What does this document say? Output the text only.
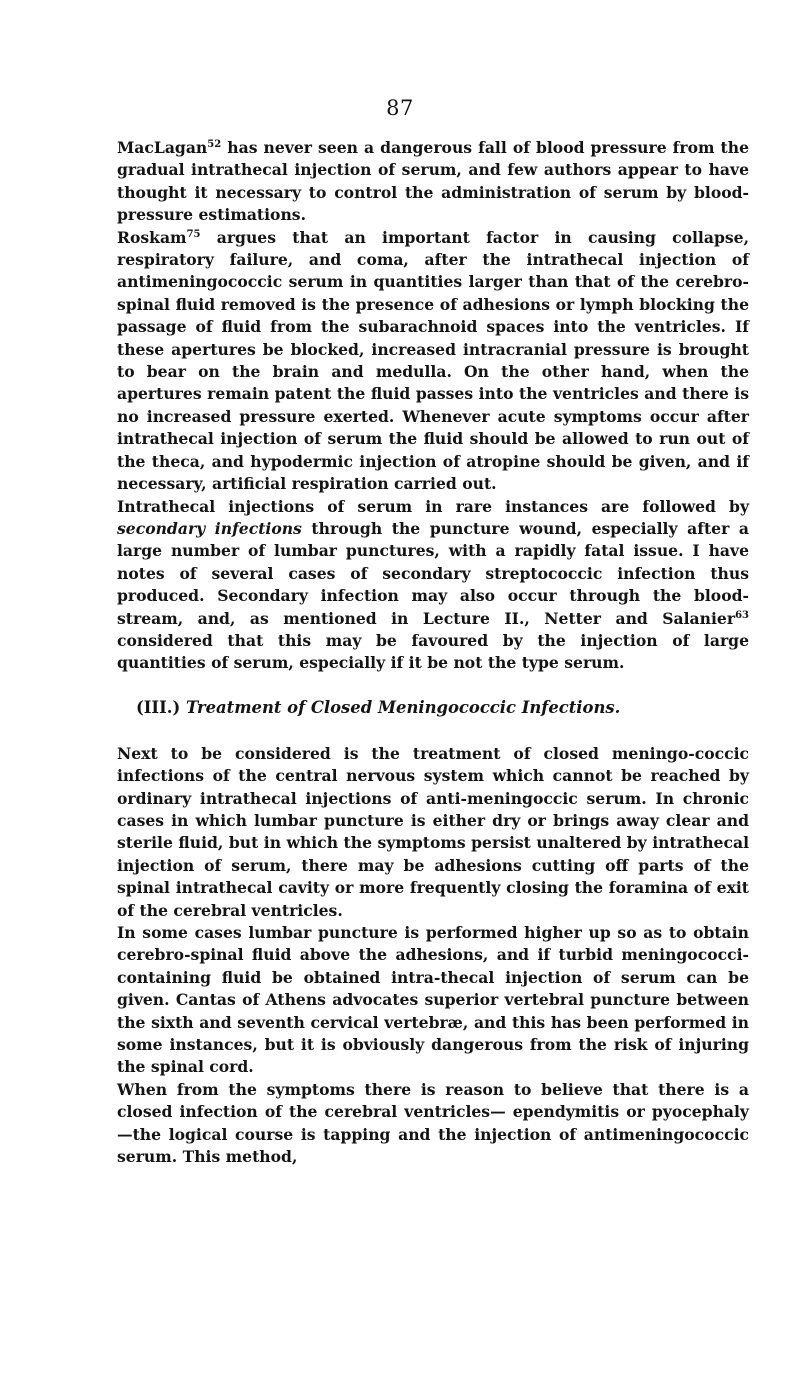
87

MacLagan$^{52}$ has never seen a dangerous fall of blood pressure from the gradual intrathecal injection of serum, and few authors appear to have thought it necessary to control the administration of serum by blood-pressure estimations.

Roskam$^{75}$ argues that an important factor in causing collapse, respiratory failure, and coma, after the intrathecal injection of antimeningococcic serum in quantities larger than that of the cerebro-spinal fluid removed is the presence of adhesions or lymph blocking the passage of fluid from the subarachnoid spaces into the ventricles. If these apertures be blocked, increased intracranial pressure is brought to bear on the brain and medulla. On the other hand, when the apertures remain patent the fluid passes into the ventricles and there is no increased pressure exerted. Whenever acute symptoms occur after intrathecal injection of serum the fluid should be allowed to run out of the theca, and hypodermic injection of atropine should be given, and if necessary, artificial respiration carried out.

Intrathecal injections of serum in rare instances are followed by secondary infections through the puncture wound, especially after a large number of lumbar punctures, with a rapidly fatal issue. I have notes of several cases of secondary streptococcic infection thus produced. Secondary infection may also occur through the blood-stream, and, as mentioned in Lecture II., Netter and Salanier$^{63}$ considered that this may be favoured by the injection of large quantities of serum, especially if it be not the type serum.

(III.) Treatment of Closed Meningococcic Infections.

Next to be considered is the treatment of closed meningo-coccic infections of the central nervous system which cannot be reached by ordinary intrathecal injections of anti-meningoccic serum. In chronic cases in which lumbar puncture is either dry or brings away clear and sterile fluid, but in which the symptoms persist unaltered by intrathecal injection of serum, there may be adhesions cutting off parts of the spinal intrathecal cavity or more frequently closing the foramina of exit of the cerebral ventricles.

In some cases lumbar puncture is performed higher up so as to obtain cerebro-spinal fluid above the adhesions, and if turbid meningococci-containing fluid be obtained intra-thecal injection of serum can be given. Cantas of Athens advocates superior vertebral puncture between the sixth and seventh cervical vertebræ, and this has been performed in some instances, but it is obviously dangerous from the risk of injuring the spinal cord.

When from the symptoms there is reason to believe that there is a closed infection of the cerebral ventricles— ependymitis or pyocephaly—the logical course is tapping and the injection of antimeningococcic serum. This method,
